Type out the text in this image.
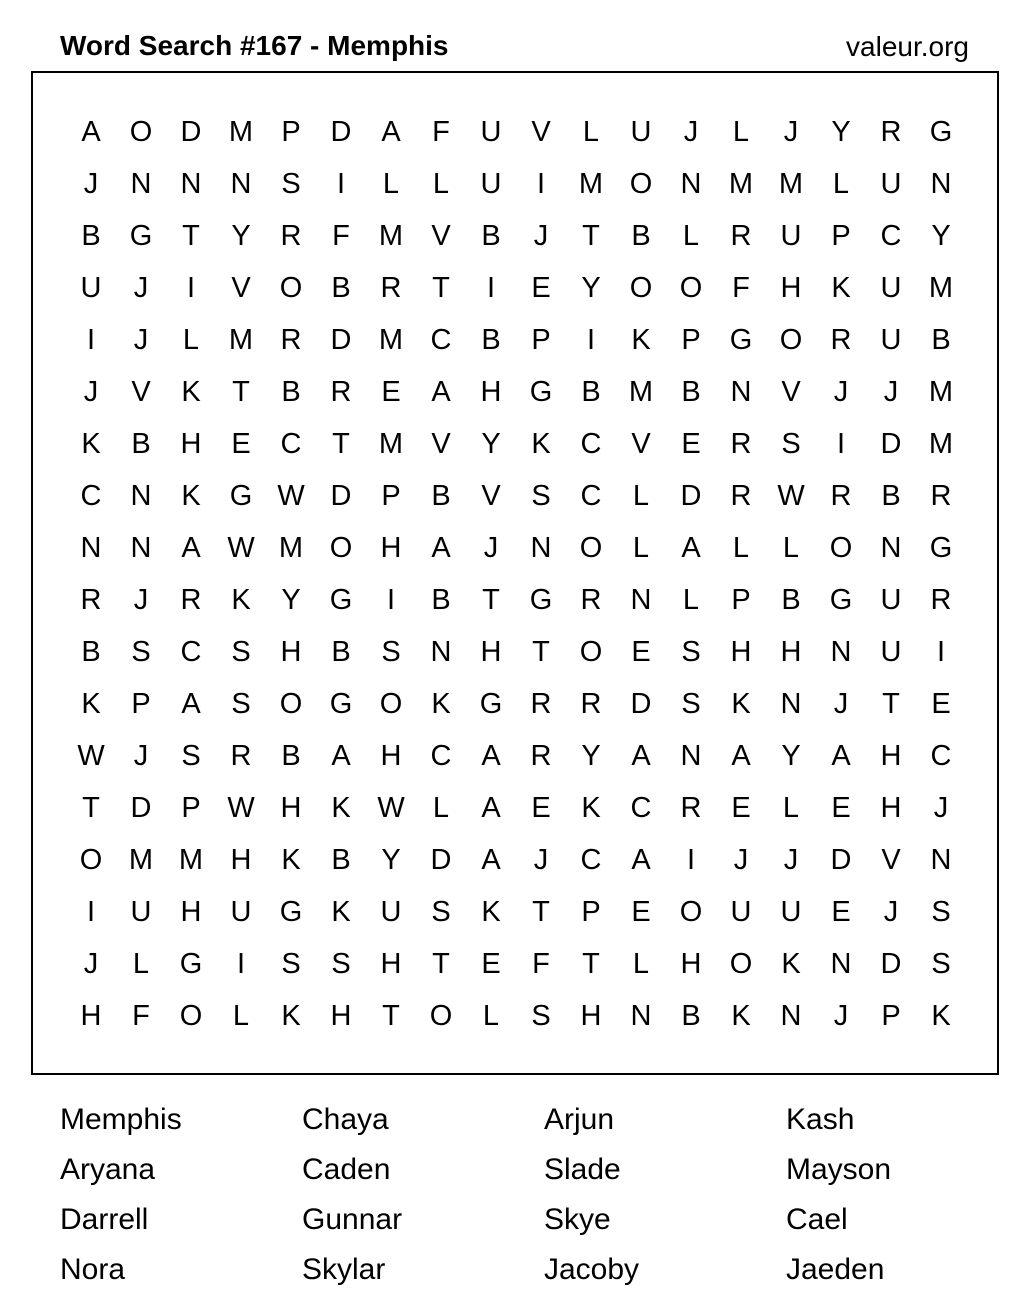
Word Search #167 - Memphis	valeur.org
A	O D M P	D	A	F	U	V	L	U	J	L	J	Y	R G
J	N	N	N	S	I	L	L	U	I	M O N M M	L	U	N
B	G	T	Y	R	F	M V	B	J	T	B	L	R	U	P	C	Y
U	J	I	V	O	B	R	T	I	E	Y	O O	F	H	K	U M
I	J	L	M R	D M C	B	P	I	K	P	G O R	U	B
J	V	K	T	B	R	E	A	H G	B M B	N	V	J	J	M
K	B	H	E	C	T	M V	Y	K	C	V	E	R	S	I	D M
C	N	K	G W D	P	B	V	S	C	L	D	R W R	B	R
N	N	A W M O H	A	J	N O	L	A	L	L	O N G
R	J	R	K	Y	G	I	B	T	G R	N	L	P	B	G U	R
B	S	C	S	H	B	S	N	H	T	O	E	S	H	H	N	U	I
K	P	A	S	O G O	K	G R	R	D	S	K	N	J	T	E
W	J	S	R	B	A	H	C	A	R	Y	A	N	A	Y	A	H	C
T	D	P W H	K W L	A	E	K	C	R	E	L	E	H	J
O M M H	K	B	Y	D	A	J	C	A	I	J	J	D	V	N
I	U	H	U G	K	U	S	K	T	P	E	O U	U	E	J	S
J	L	G	I	S	S	H	T	E	F	T	L	H O	K	N	D	S
H	F	O	L	K	H	T	O	L	S	H	N	B	K	N	J	P	K
Memphis	Chaya	Arjun	Kash
Aryana	Caden	Slade	Mayson
Darrell	Gunnar	Skye	Cael
Nora	Skylar	Jacoby	Jaeden
